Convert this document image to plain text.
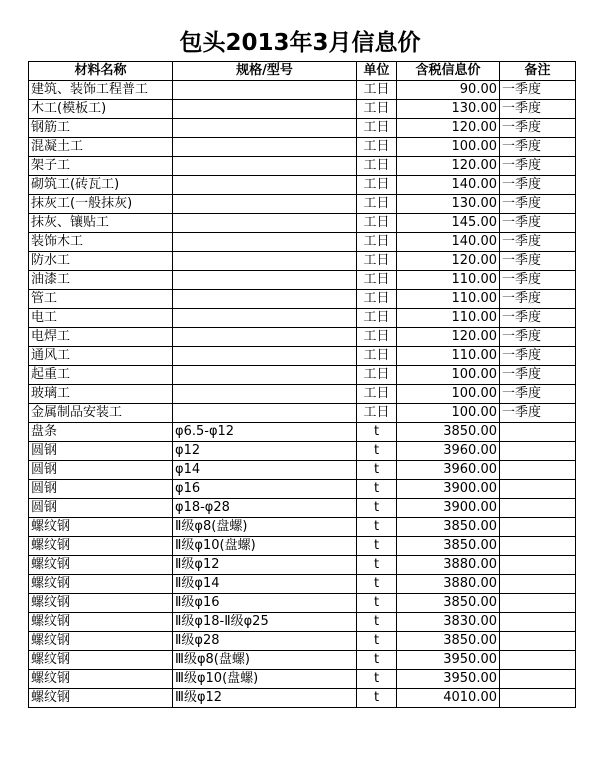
包头2013年3月信息价
材料名称	规格/型号	单位	含税信息价	备注
建筑、装饰工程普工		工日	90.00	一季度
木工(模板工)		工日	130.00	一季度
钢筋工		工日	120.00	一季度
混凝土工		工日	100.00	一季度
架子工		工日	120.00	一季度
砌筑工(砖瓦工)		工日	140.00	一季度
抹灰工(一般抹灰)		工日	130.00	一季度
抹灰、镶贴工		工日	145.00	一季度
装饰木工		工日	140.00	一季度
防水工		工日	120.00	一季度
油漆工		工日	110.00	一季度
管工		工日	110.00	一季度
电工		工日	110.00	一季度
电焊工		工日	120.00	一季度
通风工		工日	110.00	一季度
起重工		工日	100.00	一季度
玻璃工		工日	100.00	一季度
金属制品安装工		工日	100.00	一季度
盘条	φ6.5-φ12	t	3850.00	
圆钢	φ12	t	3960.00	
圆钢	φ14	t	3960.00	
圆钢	φ16	t	3900.00	
圆钢	φ18-φ28	t	3900.00	
螺纹钢	Ⅱ级φ8(盘螺)	t	3850.00	
螺纹钢	Ⅱ级φ10(盘螺)	t	3850.00	
螺纹钢	Ⅱ级φ12	t	3880.00	
螺纹钢	Ⅱ级φ14	t	3880.00	
螺纹钢	Ⅱ级φ16	t	3850.00	
螺纹钢	Ⅱ级φ18-Ⅱ级φ25	t	3830.00	
螺纹钢	Ⅱ级φ28	t	3850.00	
螺纹钢	Ⅲ级φ8(盘螺)	t	3950.00	
螺纹钢	Ⅲ级φ10(盘螺)	t	3950.00	
螺纹钢	Ⅲ级φ12	t	4010.00	
